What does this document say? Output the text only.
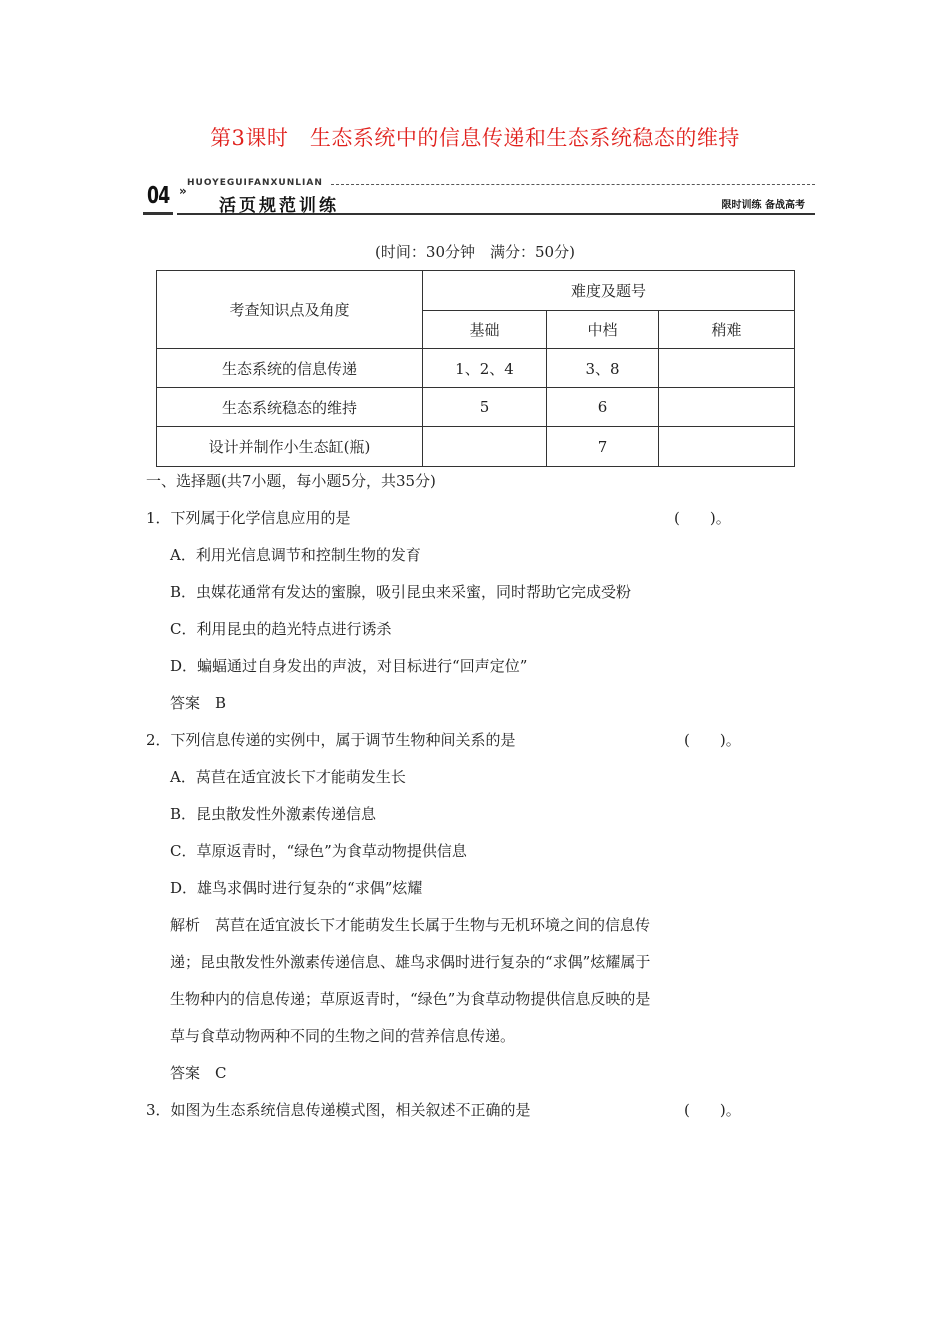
第3课时　生态系统中的信息传递和生态系统稳态的维持
04 »
HUOYEGUIFANXUNLIAN
活页规范训练	限时训练 备战高考
(时间：30分钟　满分：50分)
考查知识点及角度	难度及题号		
	基础	中档	稍难
生态系统的信息传递	1、2、4	3、8	
生态系统稳态的维持	5	6	
设计并制作小生态缸(瓶)		7	
一、选择题(共7小题，每小题5分，共35分)
1．下列属于化学信息应用的是	(　　)。
A．利用光信息调节和控制生物的发育
B．虫媒花通常有发达的蜜腺，吸引昆虫来采蜜，同时帮助它完成受粉
C．利用昆虫的趋光特点进行诱杀
D．蝙蝠通过自身发出的声波，对目标进行“回声定位”
答案　B
2．下列信息传递的实例中，属于调节生物种间关系的是	(　　)。
A．莴苣在适宜波长下才能萌发生长
B．昆虫散发性外激素传递信息
C．草原返青时，“绿色”为食草动物提供信息
D．雄鸟求偶时进行复杂的“求偶”炫耀
解析　莴苣在适宜波长下才能萌发生长属于生物与无机环境之间的信息传
递；昆虫散发性外激素传递信息、雄鸟求偶时进行复杂的“求偶”炫耀属于
生物种内的信息传递；草原返青时，“绿色”为食草动物提供信息反映的是
草与食草动物两种不同的生物之间的营养信息传递。
答案　C
3．如图为生态系统信息传递模式图，相关叙述不正确的是	(　　)。
